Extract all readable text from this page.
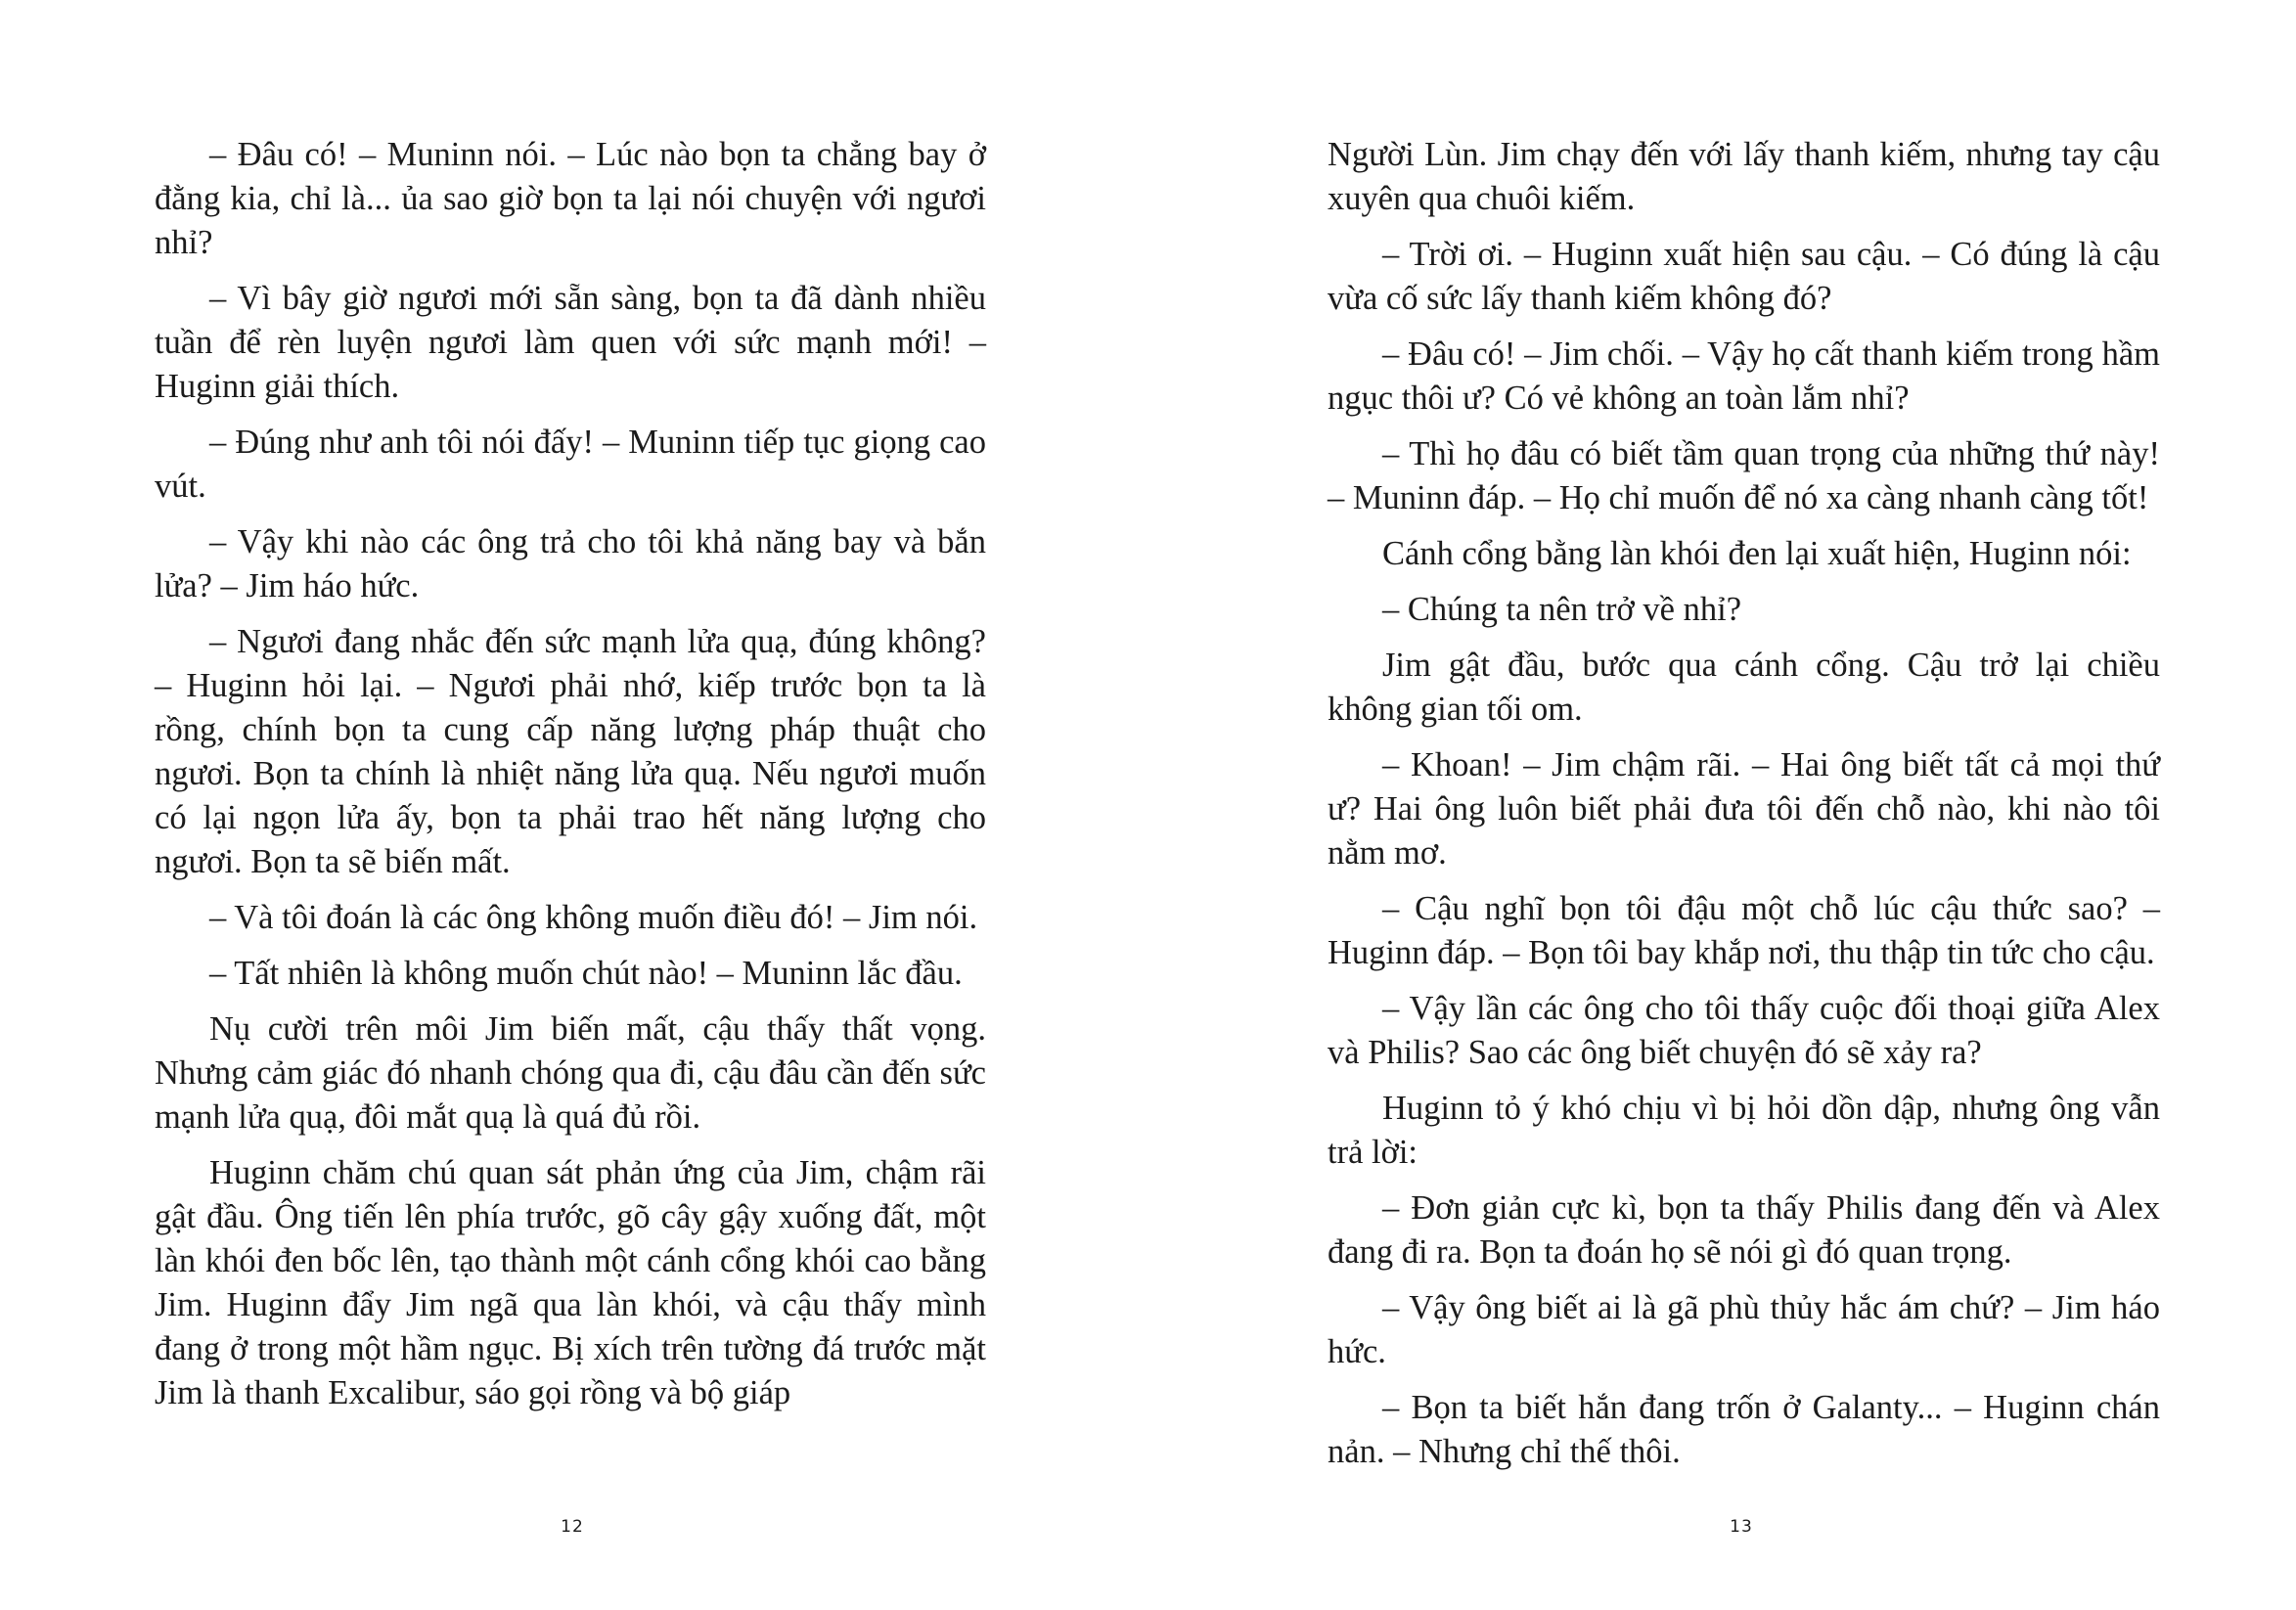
– Đâu có! – Muninn nói. – Lúc nào bọn ta chẳng bay ở đằng kia, chỉ là... ủa sao giờ bọn ta lại nói chuyện với ngươi nhỉ?

– Vì bây giờ ngươi mới sẵn sàng, bọn ta đã dành nhiều tuần để rèn luyện ngươi làm quen với sức mạnh mới! – Huginn giải thích.

– Đúng như anh tôi nói đấy! – Muninn tiếp tục giọng cao vút.

– Vậy khi nào các ông trả cho tôi khả năng bay và bắn lửa? – Jim háo hức.

– Ngươi đang nhắc đến sức mạnh lửa quạ, đúng không? – Huginn hỏi lại. – Ngươi phải nhớ, kiếp trước bọn ta là rồng, chính bọn ta cung cấp năng lượng pháp thuật cho ngươi. Bọn ta chính là nhiệt năng lửa quạ. Nếu ngươi muốn có lại ngọn lửa ấy, bọn ta phải trao hết năng lượng cho ngươi. Bọn ta sẽ biến mất.

– Và tôi đoán là các ông không muốn điều đó! – Jim nói.

– Tất nhiên là không muốn chút nào! – Muninn lắc đầu.

Nụ cười trên môi Jim biến mất, cậu thấy thất vọng. Nhưng cảm giác đó nhanh chóng qua đi, cậu đâu cần đến sức mạnh lửa quạ, đôi mắt quạ là quá đủ rồi.

Huginn chăm chú quan sát phản ứng của Jim, chậm rãi gật đầu. Ông tiến lên phía trước, gõ cây gậy xuống đất, một làn khói đen bốc lên, tạo thành một cánh cổng khói cao bằng Jim. Huginn đẩy Jim ngã qua làn khói, và cậu thấy mình đang ở trong một hầm ngục. Bị xích trên tường đá trước mặt Jim là thanh Excalibur, sáo gọi rồng và bộ giáp

Người Lùn. Jim chạy đến với lấy thanh kiếm, nhưng tay cậu xuyên qua chuôi kiếm.

– Trời ơi. – Huginn xuất hiện sau cậu. – Có đúng là cậu vừa cố sức lấy thanh kiếm không đó?

– Đâu có! – Jim chối. – Vậy họ cất thanh kiếm trong hầm ngục thôi ư? Có vẻ không an toàn lắm nhỉ?

– Thì họ đâu có biết tầm quan trọng của những thứ này! – Muninn đáp. – Họ chỉ muốn để nó xa càng nhanh càng tốt!

Cánh cổng bằng làn khói đen lại xuất hiện, Huginn nói:

– Chúng ta nên trở về nhỉ?

Jim gật đầu, bước qua cánh cổng. Cậu trở lại chiều không gian tối om.

– Khoan! – Jim chậm rãi. – Hai ông biết tất cả mọi thứ ư? Hai ông luôn biết phải đưa tôi đến chỗ nào, khi nào tôi nằm mơ.

– Cậu nghĩ bọn tôi đậu một chỗ lúc cậu thức sao? – Huginn đáp. – Bọn tôi bay khắp nơi, thu thập tin tức cho cậu.

– Vậy lần các ông cho tôi thấy cuộc đối thoại giữa Alex và Philis? Sao các ông biết chuyện đó sẽ xảy ra?

Huginn tỏ ý khó chịu vì bị hỏi dồn dập, nhưng ông vẫn trả lời:

– Đơn giản cực kì, bọn ta thấy Philis đang đến và Alex đang đi ra. Bọn ta đoán họ sẽ nói gì đó quan trọng.

– Vậy ông biết ai là gã phù thủy hắc ám chứ? – Jim háo hức.

– Bọn ta biết hắn đang trốn ở Galanty... – Huginn chán nản. – Nhưng chỉ thế thôi.

12	13
